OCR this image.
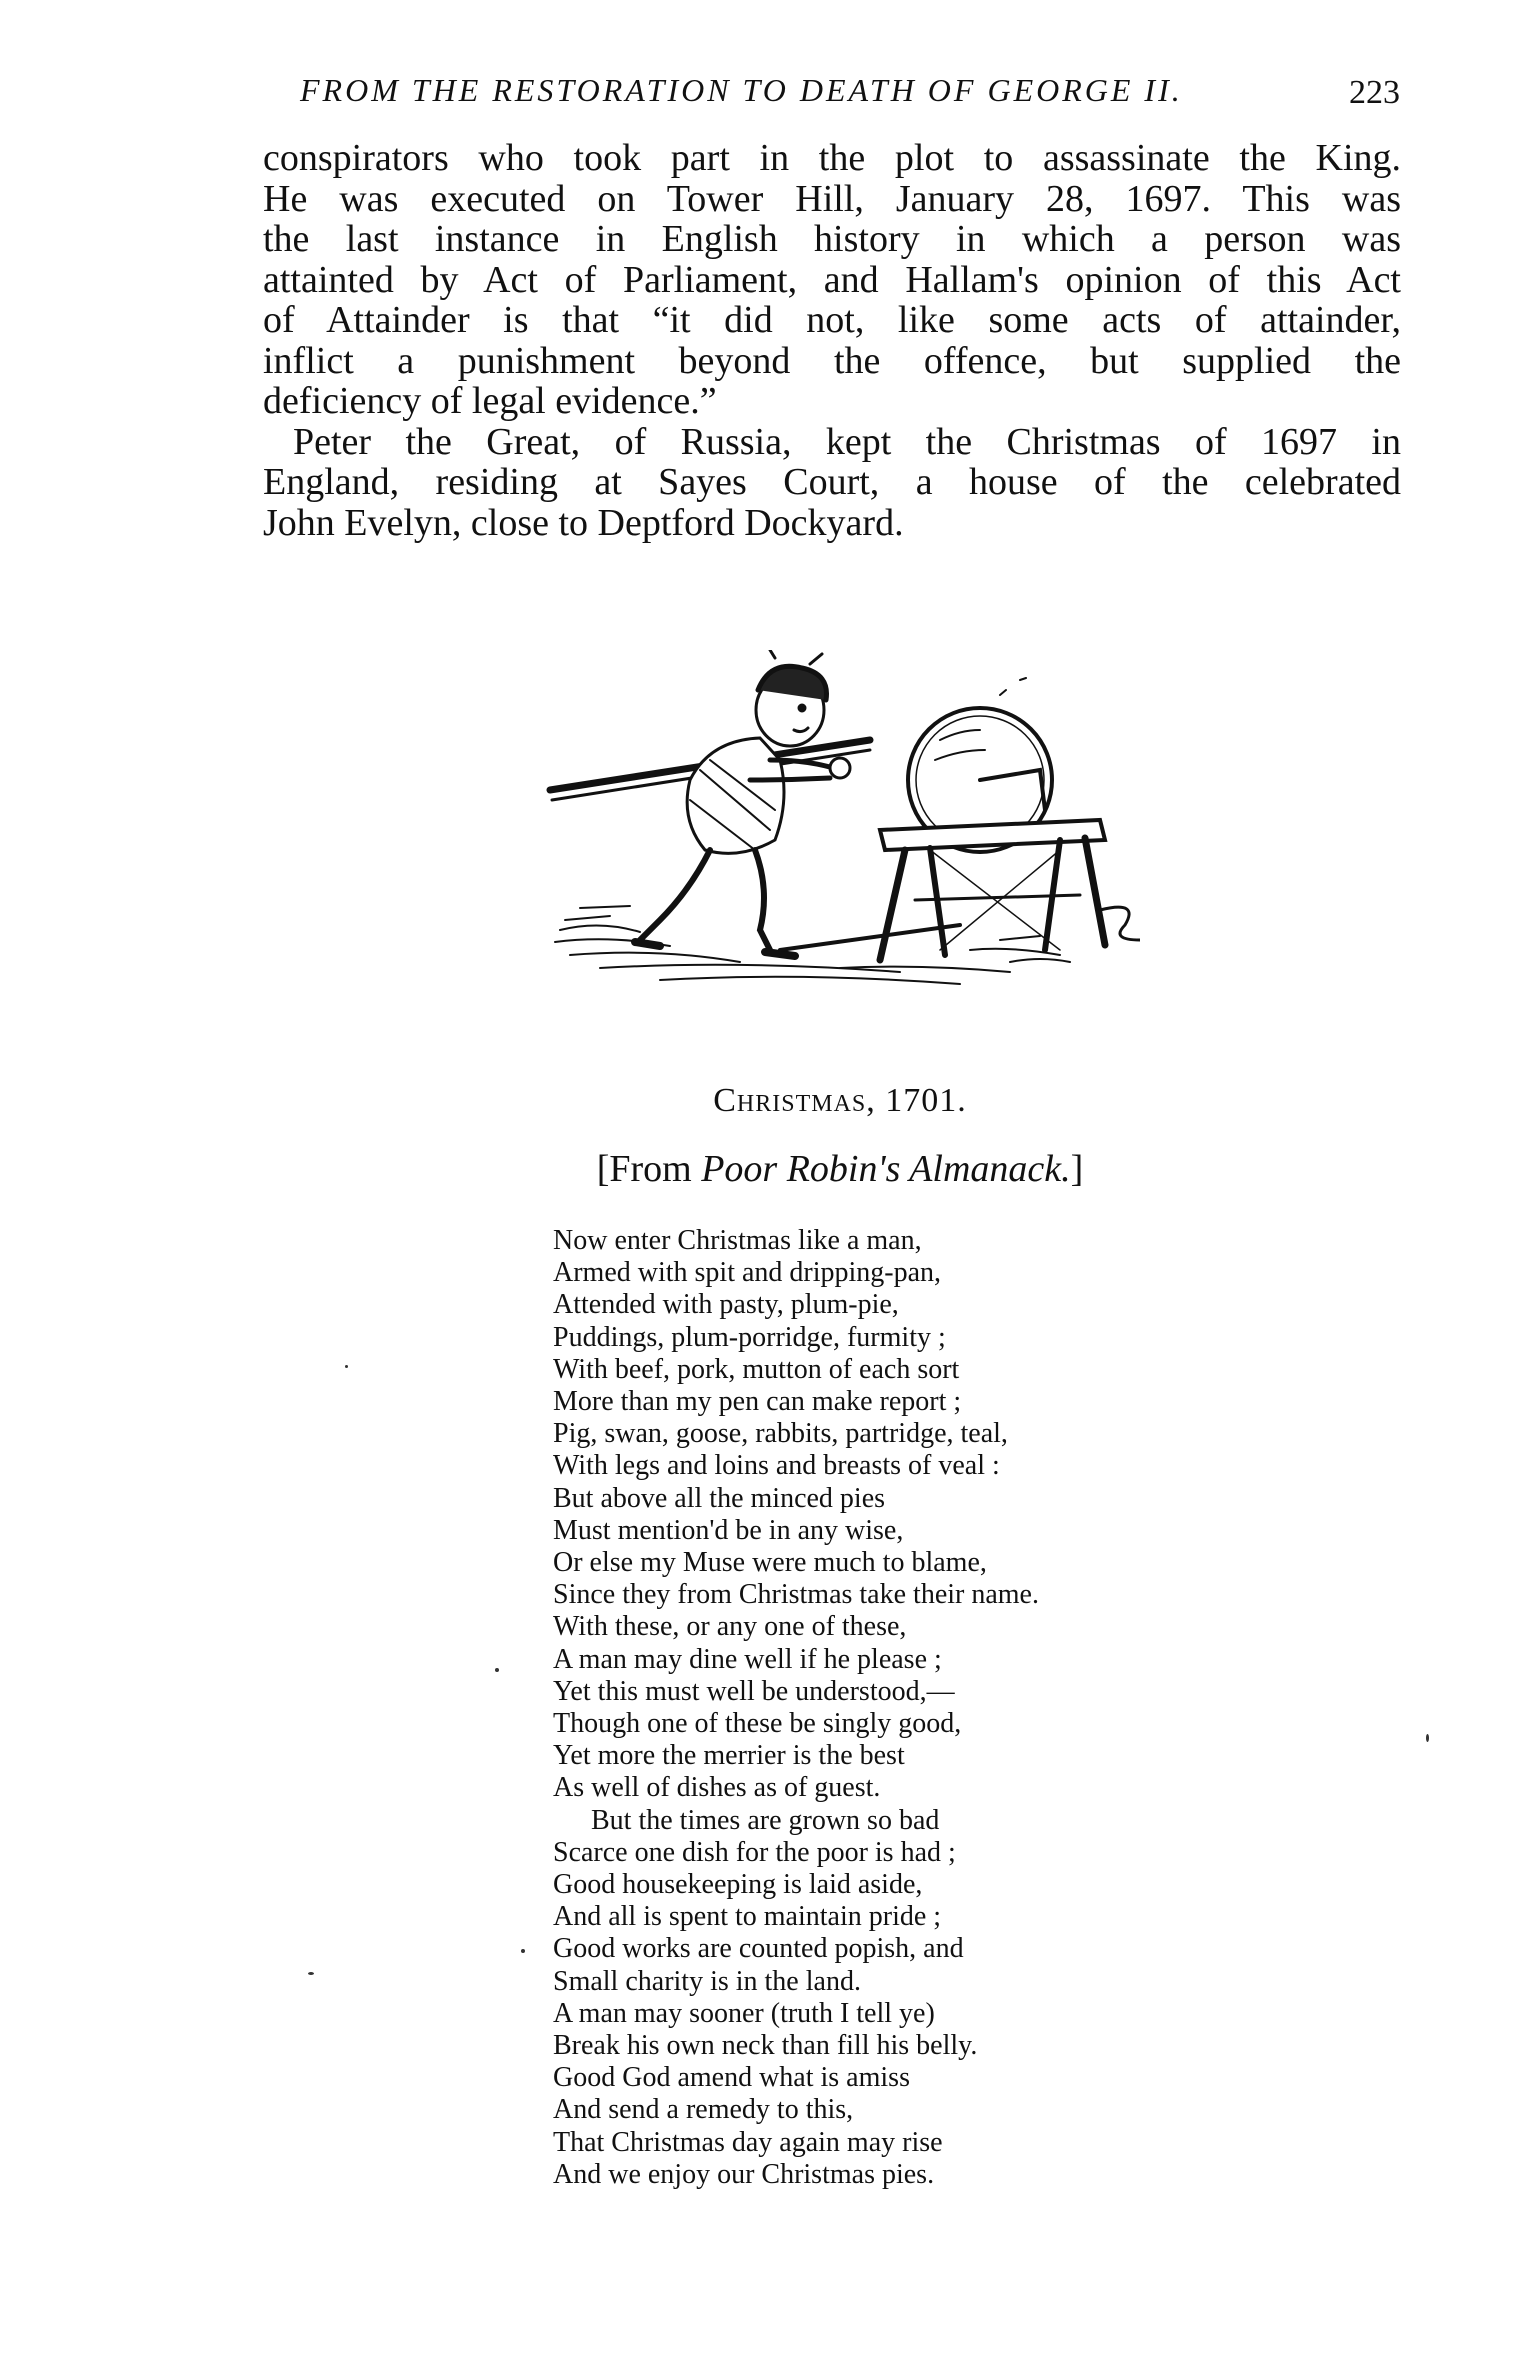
FROM THE RESTORATION TO DEATH OF GEORGE II.	223

conspirators who took part in the plot to assassinate the King.
He was executed on Tower Hill, January 28, 1697. This was
the last instance in English history in which a person was
attainted by Act of Parliament, and Hallam's opinion of this Act
of Attainder is that “it did not, like some acts of attainder,
inflict a punishment beyond the offence, but supplied the
deficiency of legal evidence.”

Peter the Great, of Russia, kept the Christmas of 1697 in
England, residing at Sayes Court, a house of the celebrated
John Evelyn, close to Deptford Dockyard.

Christmas, 1701.
[From Poor Robin's Almanack.]
Now enter Christmas like a man,
Armed with spit and dripping-pan,
Attended with pasty, plum-pie,
Puddings, plum-porridge, furmity ;
With beef, pork, mutton of each sort
More than my pen can make report ;
Pig, swan, goose, rabbits, partridge, teal,
With legs and loins and breasts of veal :
But above all the minced pies
Must mention'd be in any wise,
Or else my Muse were much to blame,
Since they from Christmas take their name.
With these, or any one of these,
A man may dine well if he please ;
Yet this must well be understood,—
Though one of these be singly good,
Yet more the merrier is the best
As well of dishes as of guest.
But the times are grown so bad
Scarce one dish for the poor is had ;
Good housekeeping is laid aside,
And all is spent to maintain pride ;
Good works are counted popish, and
Small charity is in the land.
A man may sooner (truth I tell ye)
Break his own neck than fill his belly.
Good God amend what is amiss
And send a remedy to this,
That Christmas day again may rise
And we enjoy our Christmas pies.
